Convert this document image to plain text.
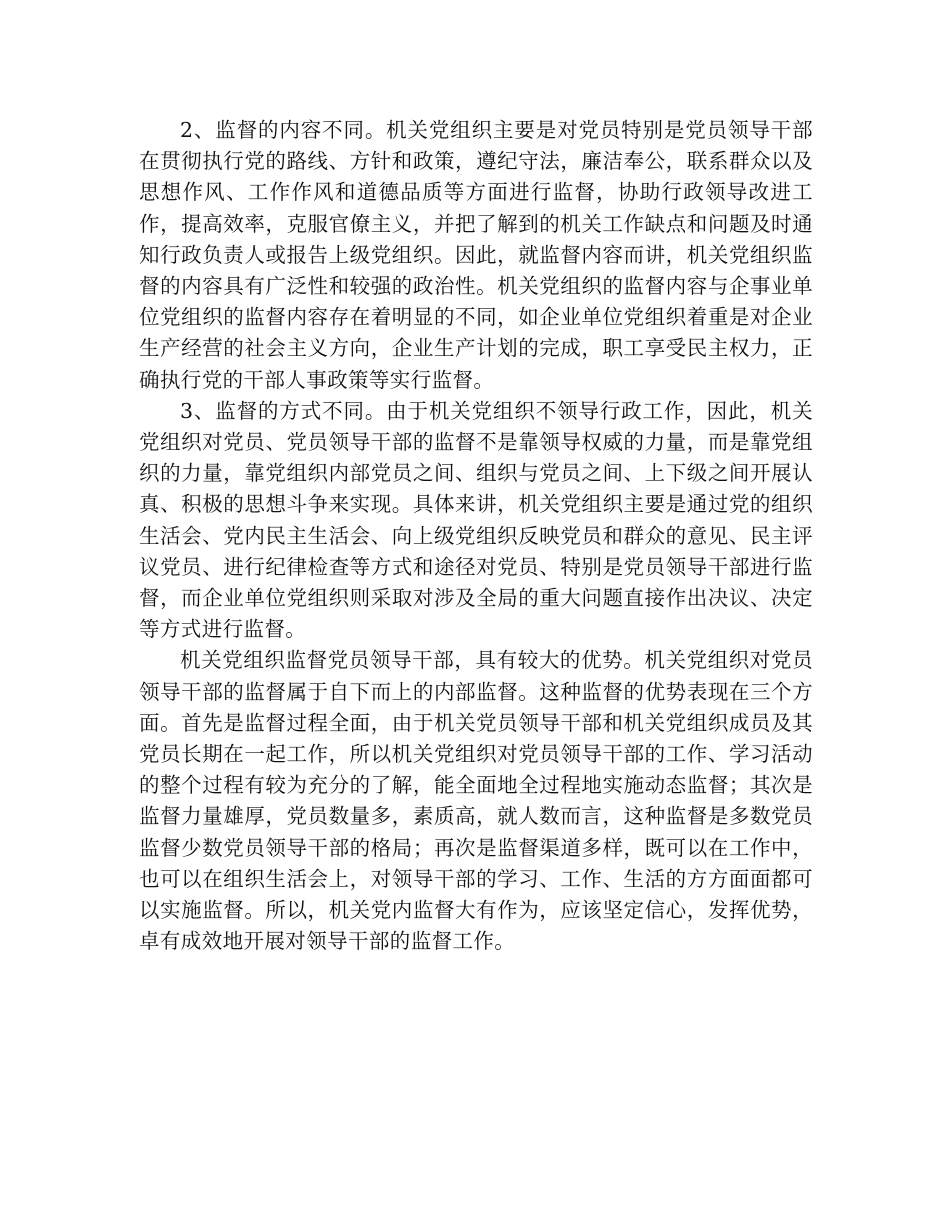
2、监督的内容不同。机关党组织主要是对党员特别是党员领导干部在贯彻执行党的路线、方针和政策，遵纪守法，廉洁奉公，联系群众以及思想作风、工作作风和道德品质等方面进行监督，协助行政领导改进工作，提高效率，克服官僚主义，并把了解到的机关工作缺点和问题及时通知行政负责人或报告上级党组织。因此，就监督内容而讲，机关党组织监督的内容具有广泛性和较强的政治性。机关党组织的监督内容与企事业单位党组织的监督内容存在着明显的不同，如企业单位党组织着重是对企业生产经营的社会主义方向，企业生产计划的完成，职工享受民主权力，正确执行党的干部人事政策等实行监督。

3、监督的方式不同。由于机关党组织不领导行政工作，因此，机关党组织对党员、党员领导干部的监督不是靠领导权威的力量，而是靠党组织的力量，靠党组织内部党员之间、组织与党员之间、上下级之间开展认真、积极的思想斗争来实现。具体来讲，机关党组织主要是通过党的组织生活会、党内民主生活会、向上级党组织反映党员和群众的意见、民主评议党员、进行纪律检查等方式和途径对党员、特别是党员领导干部进行监督，而企业单位党组织则采取对涉及全局的重大问题直接作出决议、决定等方式进行监督。

机关党组织监督党员领导干部，具有较大的优势。机关党组织对党员领导干部的监督属于自下而上的内部监督。这种监督的优势表现在三个方面。首先是监督过程全面，由于机关党员领导干部和机关党组织成员及其党员长期在一起工作，所以机关党组织对党员领导干部的工作、学习活动的整个过程有较为充分的了解，能全面地全过程地实施动态监督；其次是监督力量雄厚，党员数量多，素质高，就人数而言，这种监督是多数党员监督少数党员领导干部的格局；再次是监督渠道多样，既可以在工作中，也可以在组织生活会上，对领导干部的学习、工作、生活的方方面面都可以实施监督。所以，机关党内监督大有作为，应该坚定信心，发挥优势，卓有成效地开展对领导干部的监督工作。
